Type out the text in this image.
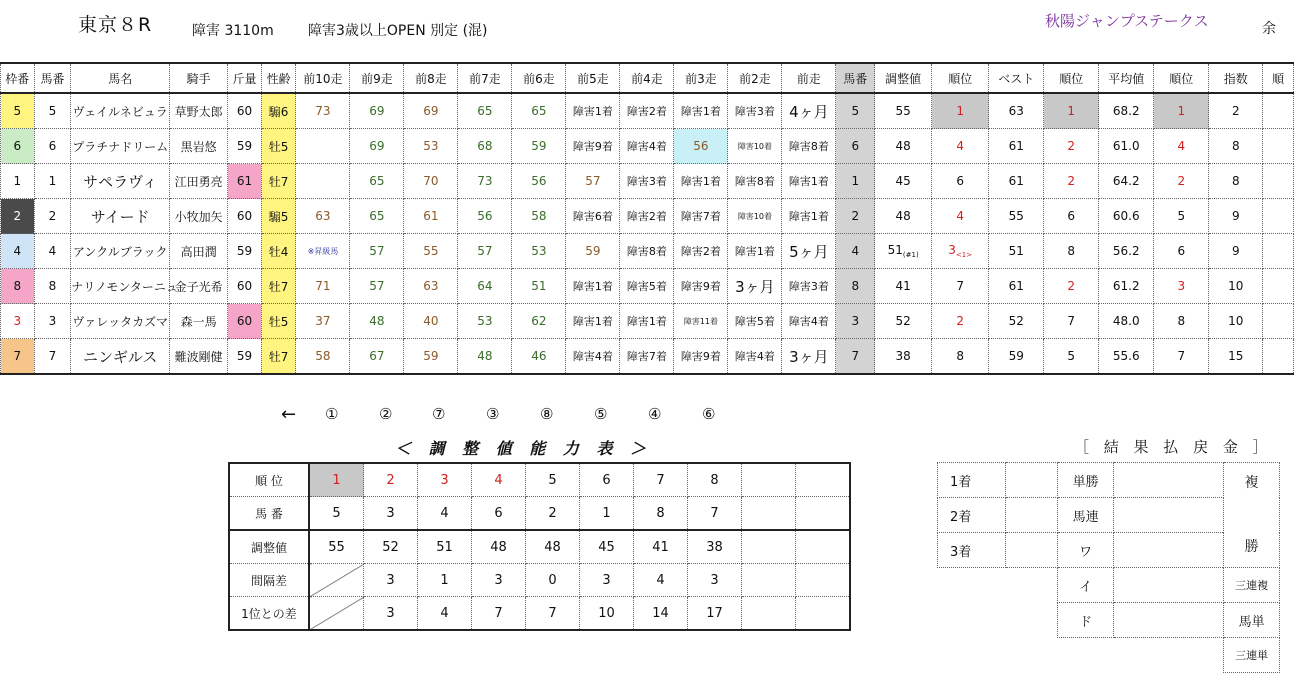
東京８R	障害 3110m 障害3歳以上OPEN 別定 (混)
秋陽ジャンプステークス	余
枠番	馬番	馬名	騎手	斤量	性齢	前10走	前9走	前8走	前7走	前6走	前5走	前4走	前3走	前2走	前走	馬番	調整値	順位	ベスト	順位	平均値	順位	指数	順
5	5	ヴェイルネビュラ	草野太郎	60	騸6	73	69	69	65	65	障害1着	障害2着	障害1着	障害3着	4ヶ月	5	55	1	63	1	68.2	1	2	
6	6	プラチナドリーム	黒岩悠	59	牡5		69	53	68	59	障害9着	障害4着	56	障害10着	障害8着	6	48	4	61	2	61.0	4	8	
1	1	サペラヴィ	江田勇亮	61	牡7		65	70	73	56	57	障害3着	障害1着	障害8着	障害1着	1	45	6	61	2	64.2	2	8	
2	2	サイード	小牧加矢	60	騸5	63	65	61	56	58	障害6着	障害2着	障害7着	障害10着	障害1着	2	48	4	55	6	60.6	5	9	
4	4	アンクルブラック	高田潤	59	牡4	※昇級馬	57	55	57	53	59	障害8着	障害2着	障害1着	5ヶ月	4	$51_{(\#1)}$	$3_{<1>}$	51	8	56.2	6	9	
8	8	ナリノモンターニュ	金子光希	60	牡7	71	57	63	64	51	障害1着	障害5着	障害9着	3ヶ月	障害3着	8	41	7	61	2	61.2	3	10	
3	3	ヴァレッタカズマ	森一馬	60	牡5	37	48	40	53	62	障害1着	障害1着	障害11着	障害5着	障害4着	3	52	2	52	7	48.0	8	10	
7	7	ニンギルス	難波剛健	59	牡7	58	67	59	48	46	障害4着	障害7着	障害9着	障害4着	3ヶ月	7	38	8	59	5	55.6	7	15	
← ①	②	⑦	③	⑧	⑤	④	⑥
＜ 調 整 値 能 力 表 ＞	［ 結 果 払 戻 金 ］
順 位	1	2	3	4	5	6	7	8		
馬 番	5	3	4	6	2	1	8	7		
調整値	55	52	51	48	48	45	41	38		
間隔差		3	1	3	0	3	4	3		
1位との差		3	4	7	7	10	14	17		
1着		単勝		複

勝
2着		馬連		
3着		ワ		
		イ		三連複
		ド		馬単
				三連単
